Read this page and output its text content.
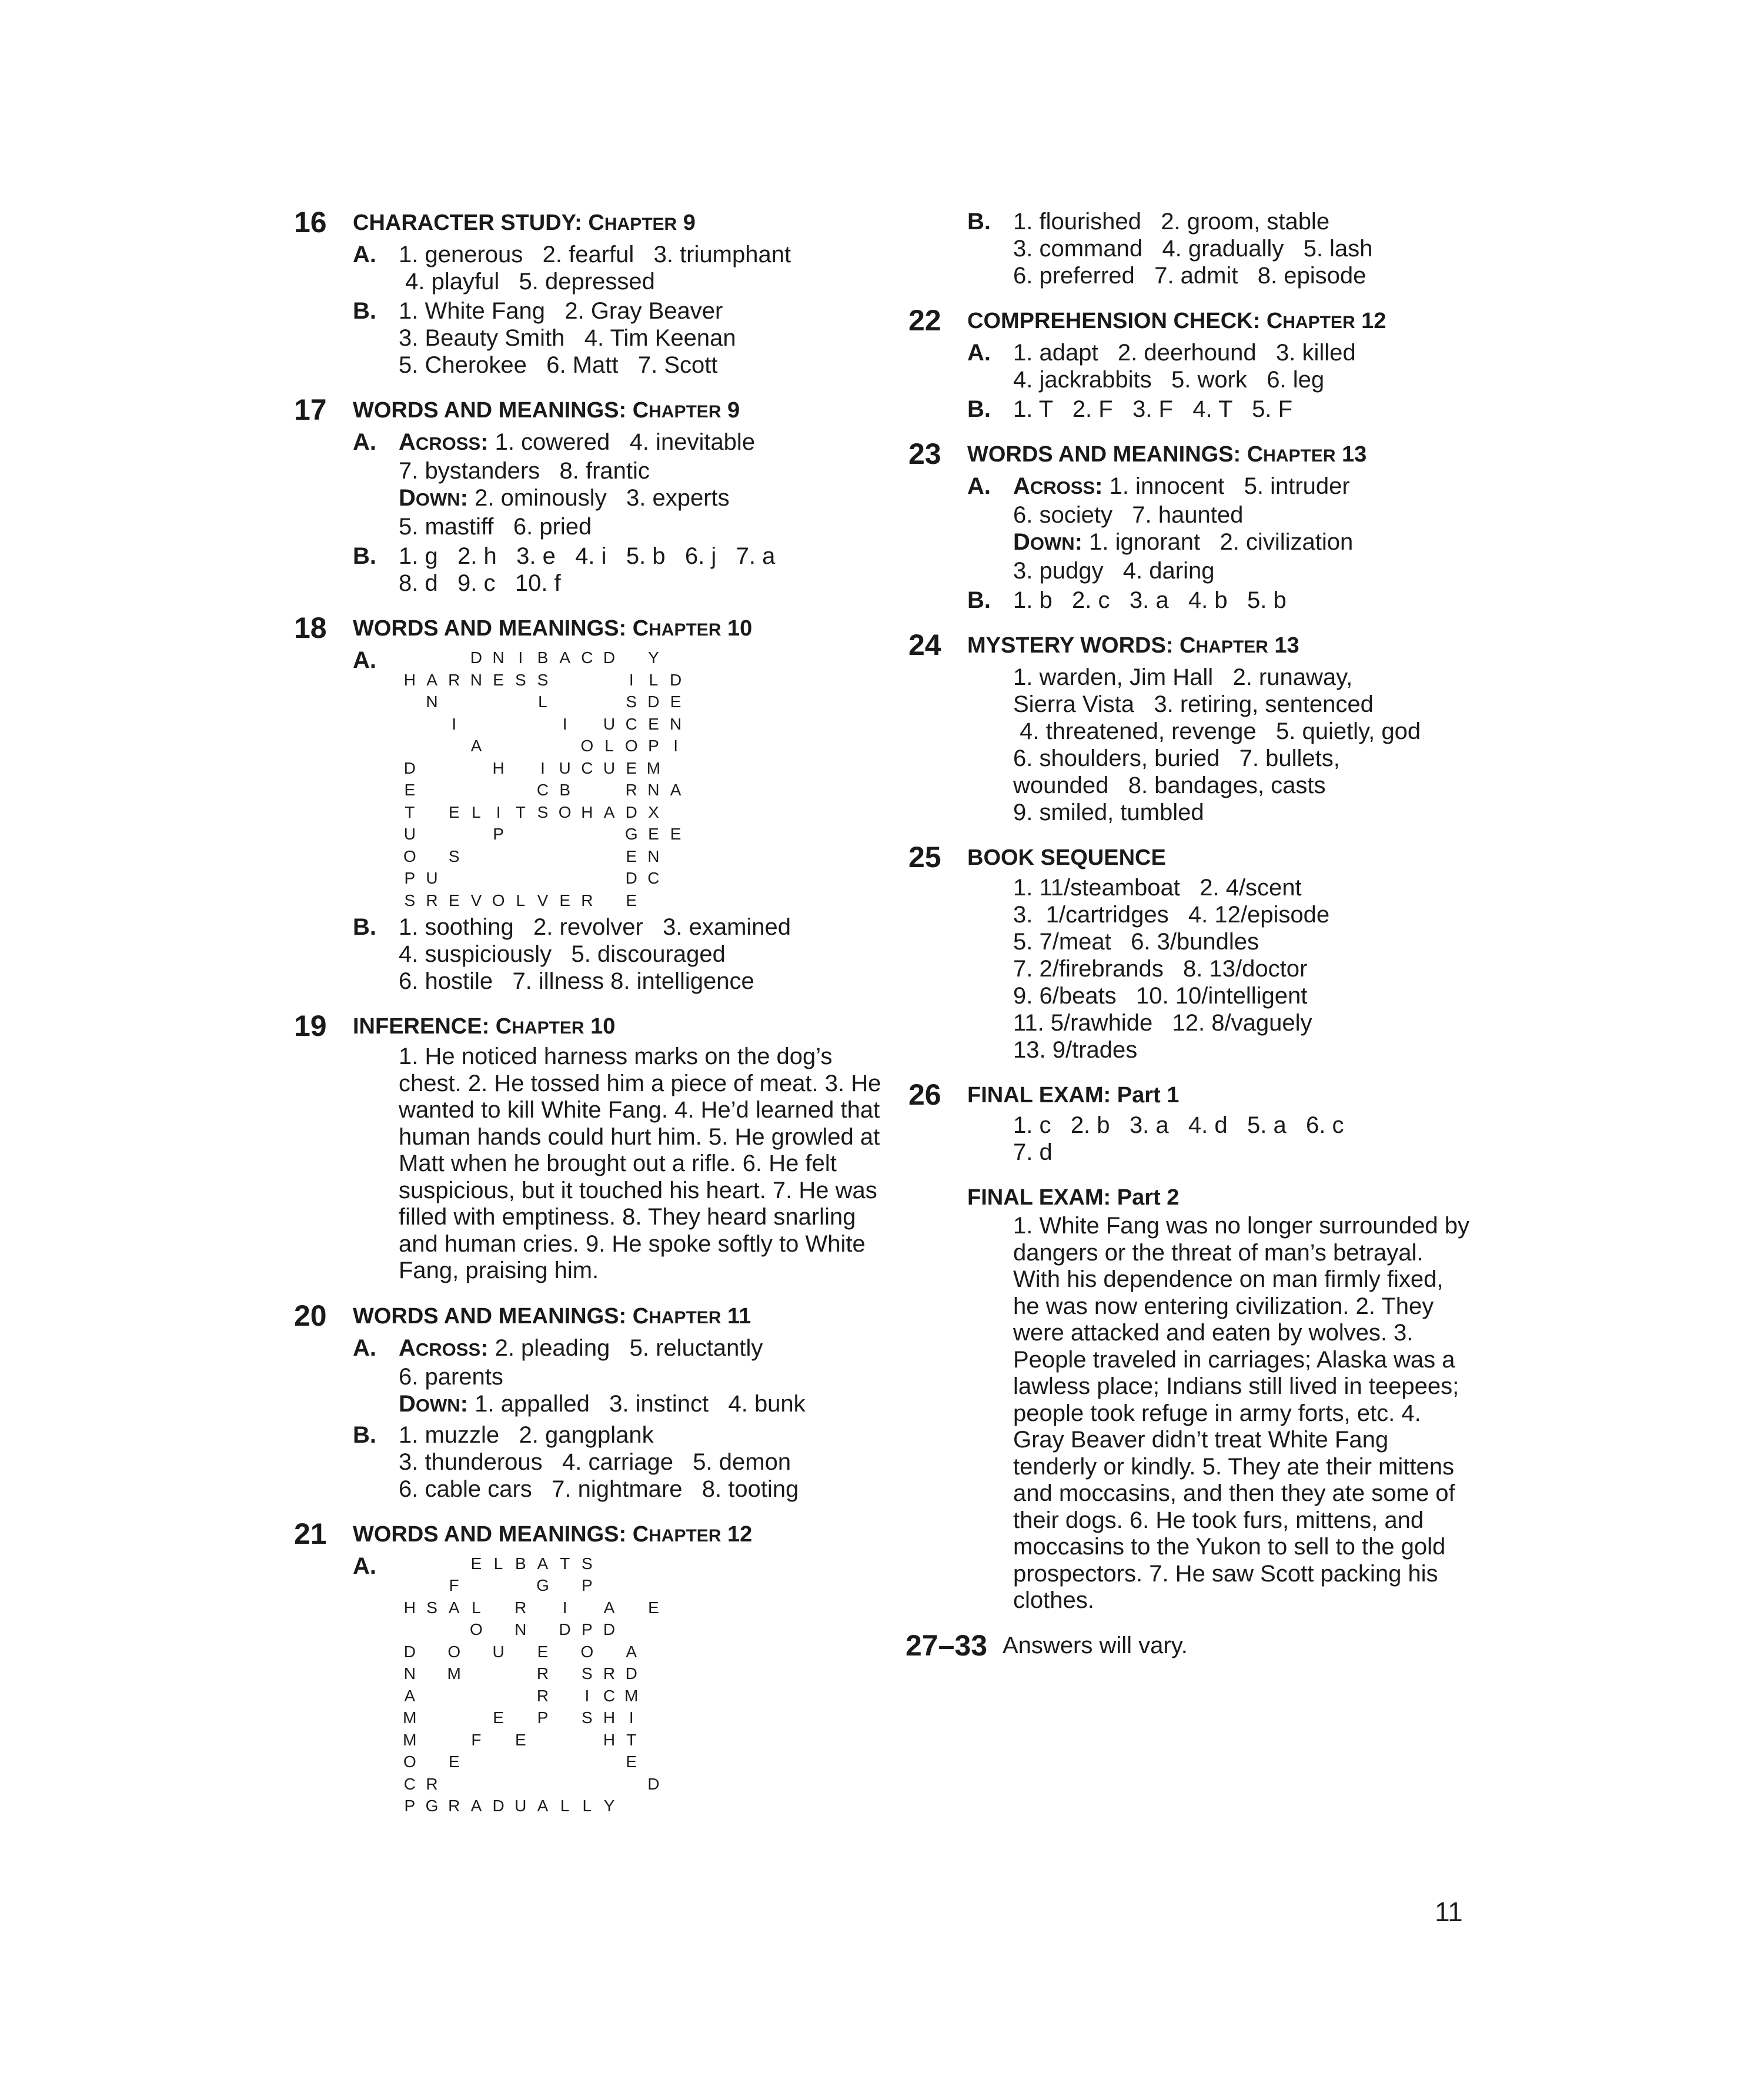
16 CHARACTER STUDY: CHAPTER 9
A. 1. generous   2. fearful   3. triumphant
4. playful   5. depressed
B. 1. White Fang   2. Gray Beaver
3. Beauty Smith   4. Tim Keenan
5. Cherokee   6. Matt   7. Scott
17 WORDS AND MEANINGS: CHAPTER 9
A. ACROSS: 1. cowered   4. inevitable
7. bystanders   8. frantic
DOWN: 2. ominously   3. experts
5. mastiff   6. pried
B. 1. g   2. h   3. e   4. i   5. b   6. j   7. a
8. d   9. c   10. f
18 WORDS AND MEANINGS: CHAPTER 10
A.

	D N I B A C D
	Y
H A R N E S S

	I L D

N

	L

	S D E

I

	I
	U C E N

A

	O L O P I
D

	H
	I U C U E M
E

	C B

	R N A
T
	E L I T S O H A D X
U

	P

	G E E
O
	S

	E N
P U

	D C
S R E V O L V E R
	E
B. 1. soothing   2. revolver   3. examined
4. suspiciously   5. discouraged
6. hostile   7. illness 8. intelligence
19 INFERENCE: CHAPTER 10
1. He noticed harness marks on the dog’s chest. 2. He tossed him a piece of meat. 3. He wanted to kill White Fang. 4. He’d learned that human hands could hurt him. 5. He growled at Matt when he brought out a rifle. 6. He felt suspicious, but it touched his heart. 7. He was filled with emptiness. 8. They heard snarling and human cries. 9. He spoke softly to White Fang, praising him.
20 WORDS AND MEANINGS: CHAPTER 11
A. ACROSS: 2. pleading   5. reluctantly
6. parents
DOWN: 1. appalled   3. instinct   4. bunk
B. 1. muzzle   2. gangplank
3. thunderous   4. carriage   5. demon
6. cable cars   7. nightmare   8. tooting
21 WORDS AND MEANINGS: CHAPTER 12
A.

	E L B A T S

F

	G
	P
H S A L
	R
	I
	A
	E

O
	N
	D P D
D
	O
	U
	E
	O
	A
N
	M

	R
	S R D
A

	R
	I C M
M

	E
	P
	S H I
M

	F
	E

	H T
O
	E

	E
C R

	D
P G R A D U A L L Y
B. 1. flourished   2. groom, stable
3. command   4. gradually   5. lash
6. preferred   7. admit   8. episode
22 COMPREHENSION CHECK: CHAPTER 12
A. 1. adapt   2. deerhound   3. killed
4. jackrabbits   5. work   6. leg
B. 1. T   2. F   3. F   4. T   5. F
23 WORDS AND MEANINGS: CHAPTER 13
A. ACROSS: 1. innocent   5. intruder
6. society   7. haunted
DOWN: 1. ignorant   2. civilization
3. pudgy   4. daring
B. 1. b   2. c   3. a   4. b   5. b
24 MYSTERY WORDS: CHAPTER 13
1. warden, Jim Hall   2. runaway,
Sierra Vista   3. retiring, sentenced
4. threatened, revenge   5. quietly, god
6. shoulders, buried   7. bullets,
wounded   8. bandages, casts
9. smiled, tumbled
25 BOOK SEQUENCE
1. 11/steamboat   2. 4/scent
3.  1/cartridges   4. 12/episode
5. 7/meat   6. 3/bundles
7. 2/firebrands   8. 13/doctor
9. 6/beats   10. 10/intelligent
11. 5/rawhide   12. 8/vaguely
13. 9/trades
26 FINAL EXAM: Part 1
1. c   2. b   3. a   4. d   5. a   6. c
7. d
FINAL EXAM: Part 2
1. White Fang was no longer surrounded by dangers or the threat of man’s betrayal. With his dependence on man firmly fixed, he was now entering civilization. 2. They were attacked and eaten by wolves. 3. People traveled in carriages; Alaska was a lawless place; Indians still lived in teepees; people took refuge in army forts, etc. 4. Gray Beaver didn’t treat White Fang tenderly or kindly. 5. They ate their mittens and moccasins, and then they ate some of their dogs. 6. He took furs, mittens, and moccasins to the Yukon to sell to the gold prospectors. 7. He saw Scott packing his clothes.
27–33 Answers will vary.
11
